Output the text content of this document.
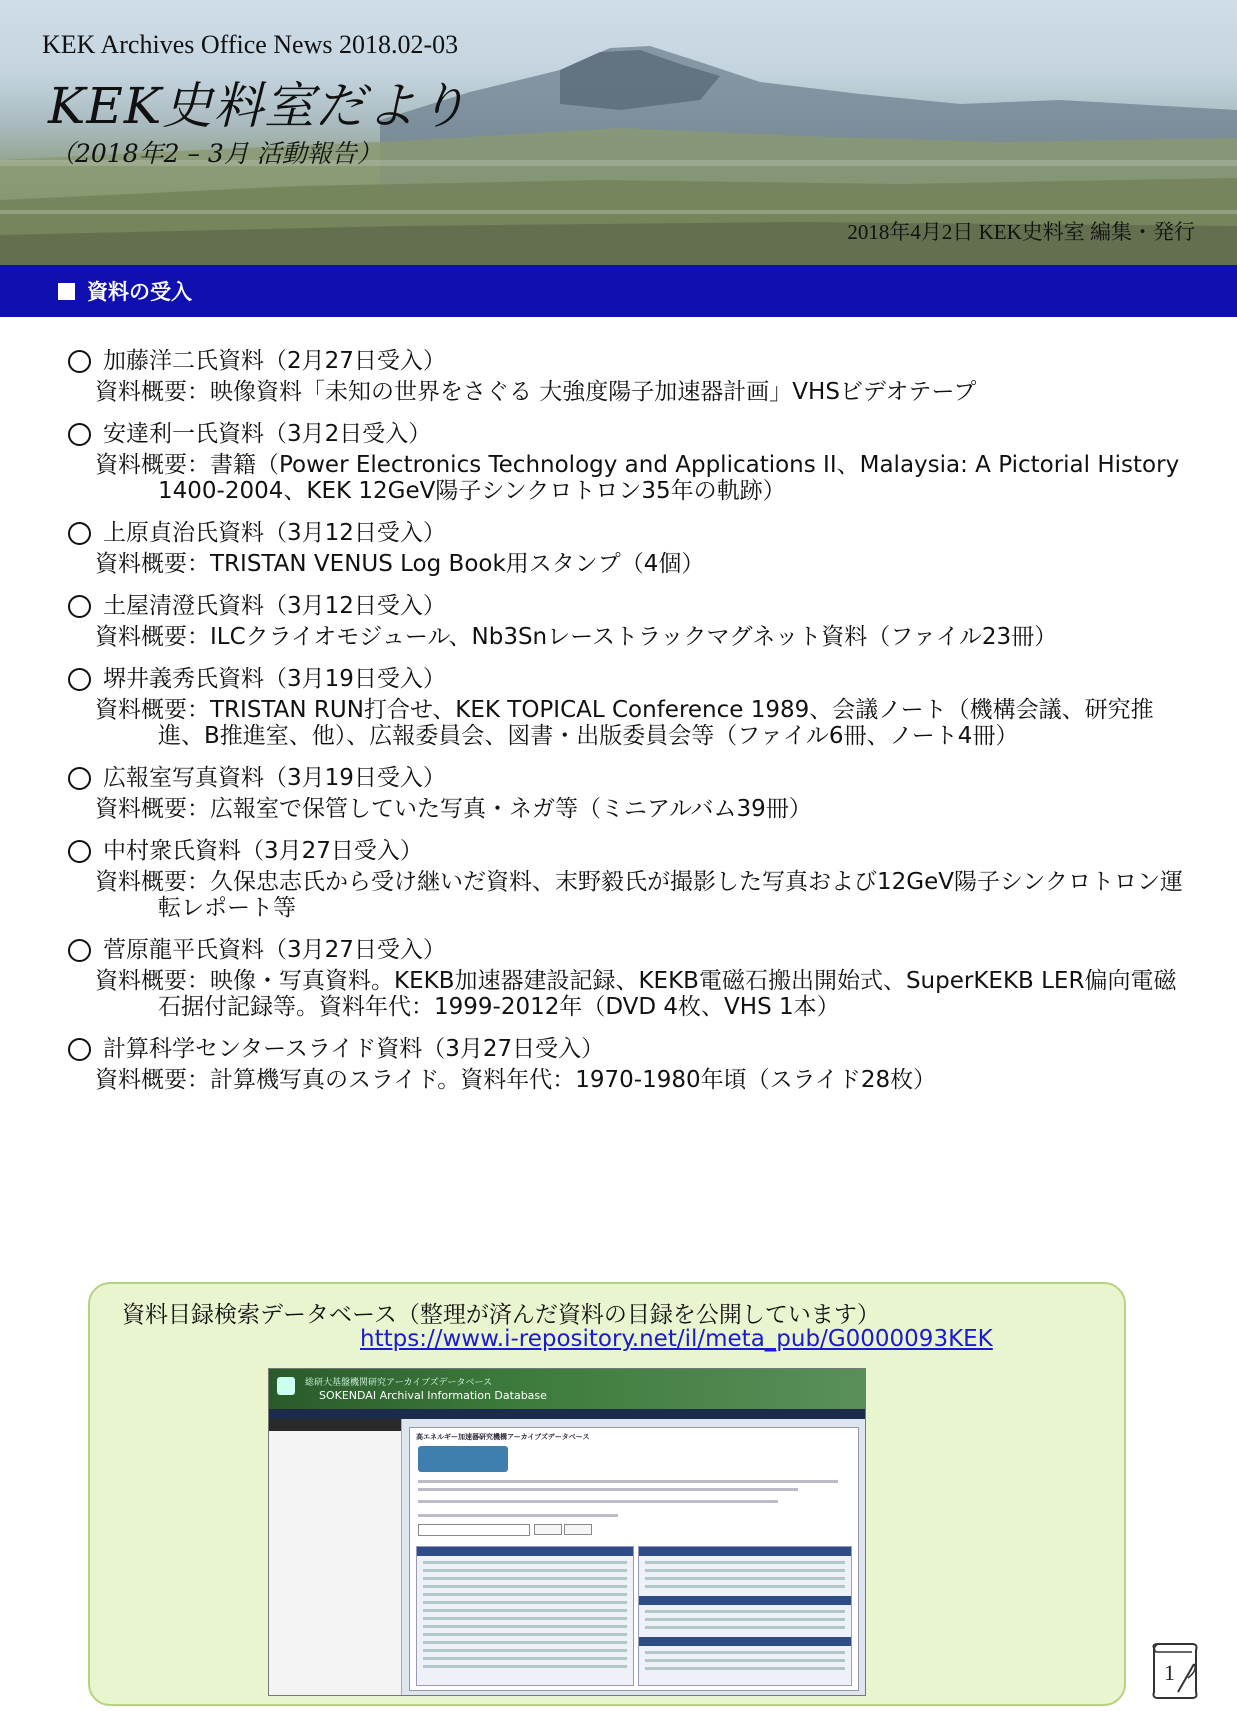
KEK Archives Office News 2018.02-03
KEK史料室だより
（2018年2 – 3月 活動報告）
2018年4月2日 KEK史料室 編集・発行
資料の受入
加藤洋二氏資料（2月27日受入）
資料概要：映像資料「未知の世界をさぐる 大強度陽子加速器計画」VHSビデオテープ
安達利一氏資料（3月2日受入）
資料概要：書籍（Power Electronics Technology and Applications II、Malaysia: A Pictorial History 1400-2004、KEK 12GeV陽子シンクロトロン35年の軌跡）
上原貞治氏資料（3月12日受入）
資料概要：TRISTAN VENUS Log Book用スタンプ（4個）
土屋清澄氏資料（3月12日受入）
資料概要：ILCクライオモジュール、Nb3Snレーストラックマグネット資料（ファイル23冊）
堺井義秀氏資料（3月19日受入）
資料概要：TRISTAN RUN打合せ、KEK TOPICAL Conference 1989、会議ノート（機構会議、研究推進、B推進室、他）、広報委員会、図書・出版委員会等（ファイル6冊、ノート4冊）
広報室写真資料（3月19日受入）
資料概要：広報室で保管していた写真・ネガ等（ミニアルバム39冊）
中村衆氏資料（3月27日受入）
資料概要：久保忠志氏から受け継いだ資料、末野毅氏が撮影した写真および12GeV陽子シンクロトロン運転レポート等
菅原龍平氏資料（3月27日受入）
資料概要：映像・写真資料。KEKB加速器建設記録、KEKB電磁石搬出開始式、SuperKEKB LER偏向電磁石据付記録等。資料年代：1999-2012年（DVD 4枚、VHS 1本）
計算科学センタースライド資料（3月27日受入）
資料概要：計算機写真のスライド。資料年代：1970-1980年頃（スライド28枚）
資料目録検索データベース（整理が済んだ資料の目録を公開しています）
https://www.i-repository.net/il/meta_pub/G0000093KEK
総研大基盤機関研究アーカイブズデータベース
SOKENDAI Archival Information Database
高エネルギー加速器研究機構アーカイブズデータベース
1
